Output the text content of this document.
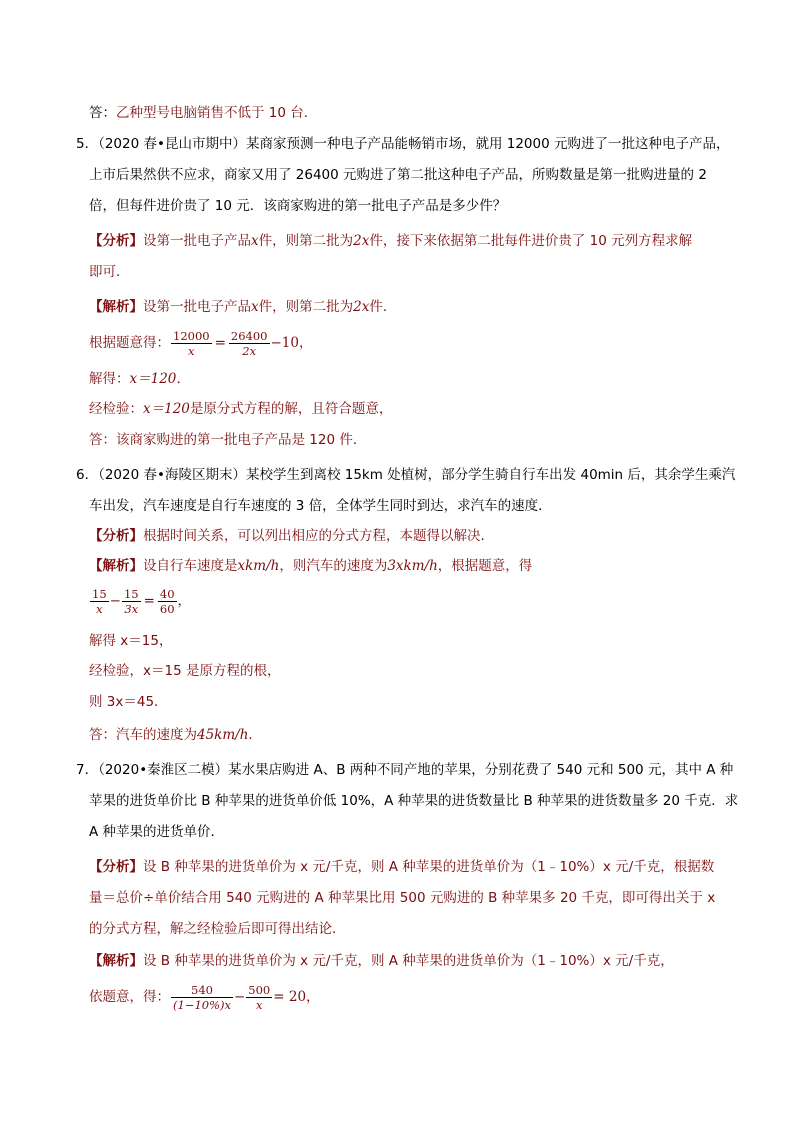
答：乙种型号电脑销售不低于 10 台．
5．（2020 春•昆山市期中）某商家预测一种电子产品能畅销市场，就用 12000 元购进了一批这种电子产品，
上市后果然供不应求，商家又用了 26400 元购进了第二批这种电子产品，所购数量是第一批购进量的 2
倍，但每件进价贵了 10 元．该商家购进的第一批电子产品是多少件？
【分析】设第一批电子产品x件，则第二批为2x件，接下来依据第二批每件进价贵了 10 元列方程求解
即可．
【解析】设第一批电子产品x件，则第二批为2x件．
根据题意得： $\frac{12000}{x} = \frac{26400}{2x} -10$，
解得：x＝120．
经检验：x＝120是原分式方程的解，且符合题意，
答：该商家购进的第一批电子产品是 120 件．
6．（2020 春•海陵区期末）某校学生到离校 15km 处植树，部分学生骑自行车出发 40min 后，其余学生乘汽
车出发，汽车速度是自行车速度的 3 倍，全体学生同时到达，求汽车的速度．
【分析】根据时间关系，可以列出相应的分式方程，本题得以解决．
【解析】设自行车速度是xkm/h，则汽车的速度为3xkm/h，根据题意，得
$\frac{15}{x} - \frac{15}{3x} = \frac{40}{60}$ ，
解得 x＝15，
经检验，x＝15 是原方程的根，
则 3x＝45．
答：汽车的速度为45km/h．
7．（2020•秦淮区二模）某水果店购进 A、B 两种不同产地的苹果，分别花费了 540 元和 500 元，其中 A 种
苹果的进货单价比 B 种苹果的进货单价低 10%，A 种苹果的进货数量比 B 种苹果的进货数量多 20 千克．求
A 种苹果的进货单价．
【分析】设 B 种苹果的进货单价为 x 元/千克，则 A 种苹果的进货单价为（1﹣10%）x 元/千克，根据数
量＝总价÷单价结合用 540 元购进的 A 种苹果比用 500 元购进的 B 种苹果多 20 千克，即可得出关于 x
的分式方程，解之经检验后即可得出结论．
【解析】设 B 种苹果的进货单价为 x 元/千克，则 A 种苹果的进货单价为（1﹣10%）x 元/千克，
依题意，得： $\frac{540}{(1-10\%)x} - \frac{500}{x} = 20$，
